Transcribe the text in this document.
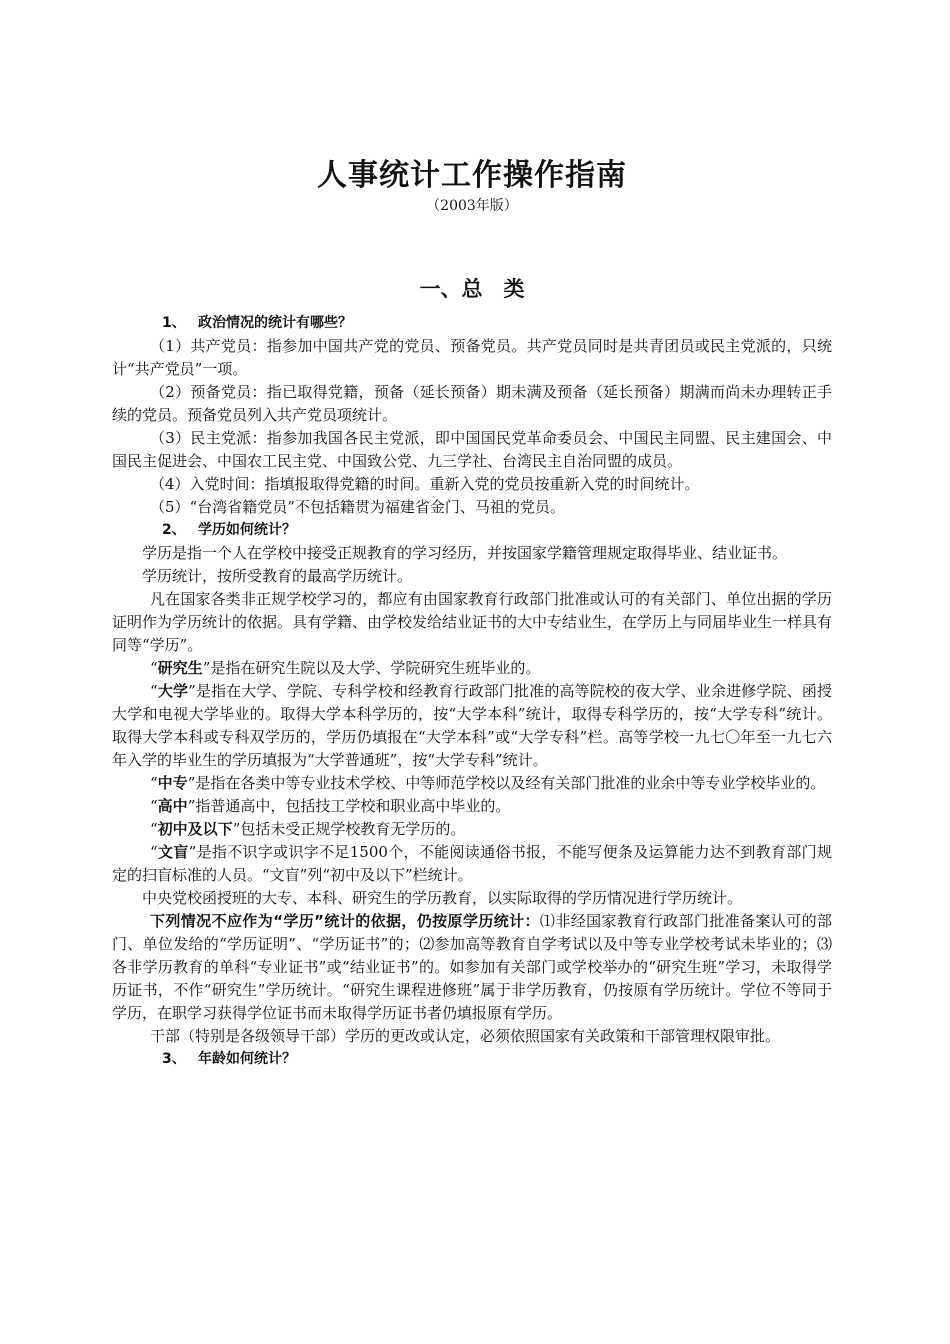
人事统计工作操作指南
（2003年版）
一、总　类

1、 政治情况的统计有哪些？

（1）共产党员：指参加中国共产党的党员、预备党员。共产党员同时是共青团员或民主党派的，只统计“共产党员”一项。

（2）预备党员：指已取得党籍，预备（延长预备）期未满及预备（延长预备）期满而尚未办理转正手续的党员。预备党员列入共产党员项统计。

（3）民主党派：指参加我国各民主党派，即中国国民党革命委员会、中国民主同盟、民主建国会、中国民主促进会、中国农工民主党、中国致公党、九三学社、台湾民主自治同盟的成员。

（4）入党时间：指填报取得党籍的时间。重新入党的党员按重新入党的时间统计。

（5）“台湾省籍党员”不包括籍贯为福建省金门、马祖的党员。

2、 学历如何统计？

学历是指一个人在学校中接受正规教育的学习经历，并按国家学籍管理规定取得毕业、结业证书。

学历统计，按所受教育的最高学历统计。

凡在国家各类非正规学校学习的，都应有由国家教育行政部门批准或认可的有关部门、单位出据的学历证明作为学历统计的依据。具有学籍、由学校发给结业证书的大中专结业生，在学历上与同届毕业生一样具有同等“学历”。

“研究生”是指在研究生院以及大学、学院研究生班毕业的。

“大学”是指在大学、学院、专科学校和经教育行政部门批准的高等院校的夜大学、业余进修学院、函授大学和电视大学毕业的。取得大学本科学历的，按“大学本科”统计，取得专科学历的，按“大学专科”统计。取得大学本科或专科双学历的，学历仍填报在“大学本科”或“大学专科”栏。高等学校一九七〇年至一九七六年入学的毕业生的学历填报为“大学普通班”，按“大学专科”统计。

“中专”是指在各类中等专业技术学校、中等师范学校以及经有关部门批准的业余中等专业学校毕业的。

“高中”指普通高中，包括技工学校和职业高中毕业的。

“初中及以下”包括未受正规学校教育无学历的。

“文盲”是指不识字或识字不足1500个，不能阅读通俗书报，不能写便条及运算能力达不到教育部门规定的扫盲标准的人员。“文盲”列“初中及以下”栏统计。

中央党校函授班的大专、本科、研究生的学历教育，以实际取得的学历情况进行学历统计。

下列情况不应作为“学历”统计的依据，仍按原学历统计：⑴非经国家教育行政部门批准备案认可的部门、单位发给的“学历证明”、“学历证书”的；⑵参加高等教育自学考试以及中等专业学校考试未毕业的；⑶各非学历教育的单科“专业证书”或“结业证书”的。如参加有关部门或学校举办的“研究生班”学习，未取得学历证书，不作“研究生”学历统计。“研究生课程进修班”属于非学历教育，仍按原有学历统计。学位不等同于学历，在职学习获得学位证书而未取得学历证书者仍填报原有学历。

干部（特别是各级领导干部）学历的更改或认定，必须依照国家有关政策和干部管理权限审批。

3、 年龄如何统计？
